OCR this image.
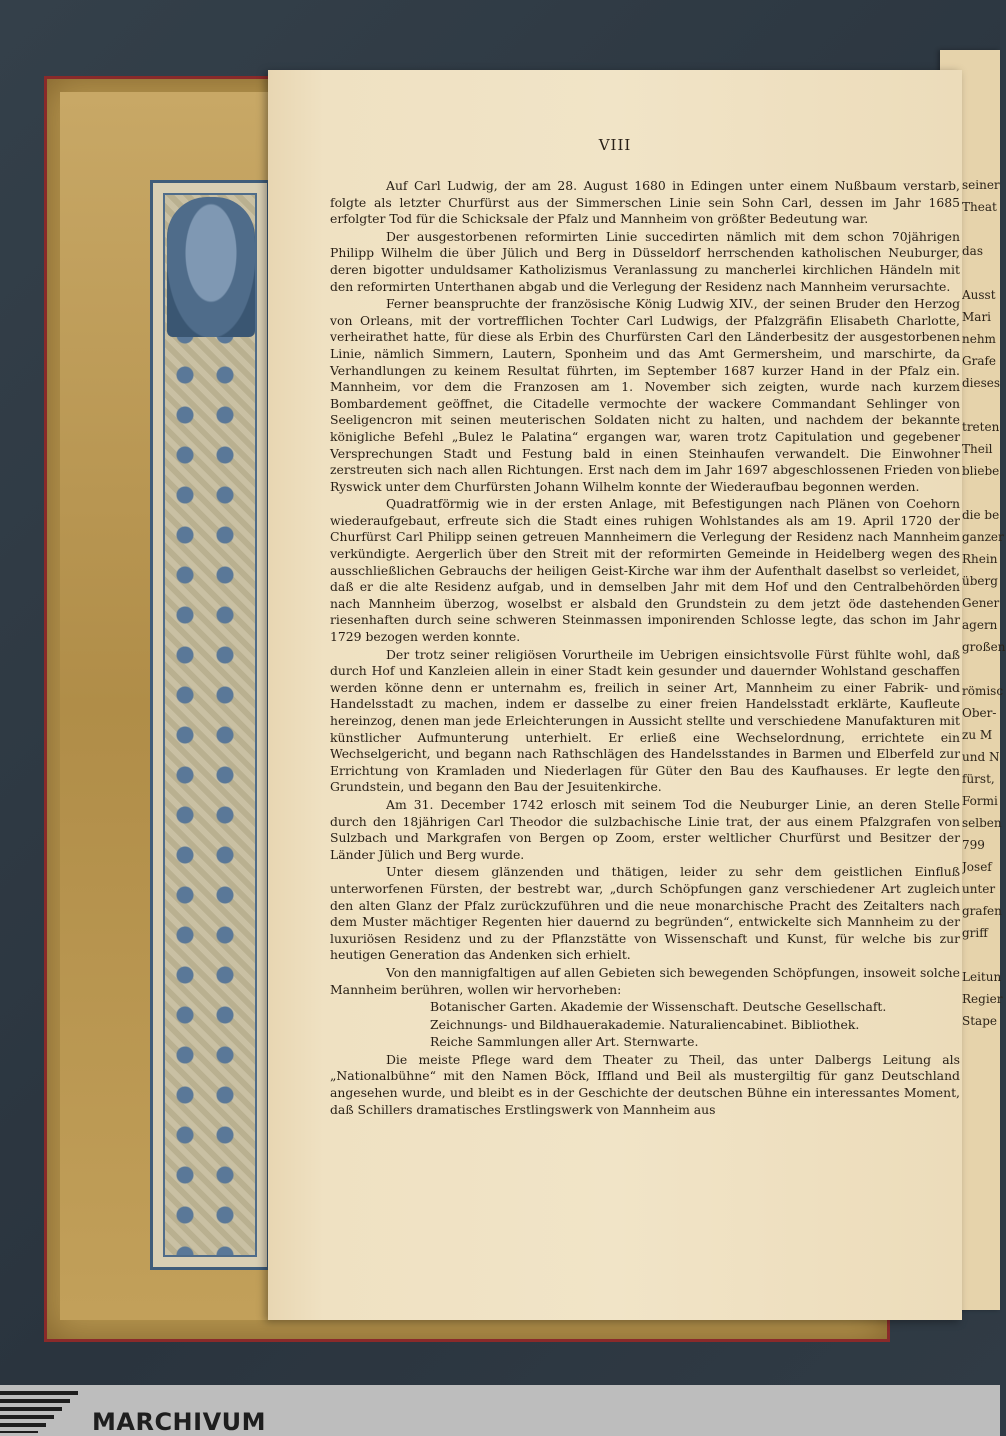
seiner
Theat

das

Ausst
Mari
nehm
Grafe
dieses

treten
Theil
bliebe

die be
ganzer
Rhein
überg
Gener
agern
großen

römisc
Ober-
zu M
und N
fürst,
Formi
selben
799
Josef
unter
grafen
griff

Leitun
Regier
Stape
VIII

Auf Carl Ludwig, der am 28. August 1680 in Edingen unter einem Nußbaum verstarb, folgte als letzter Churfürst aus der Simmerschen Linie sein Sohn Carl, dessen im Jahr 1685 erfolgter Tod für die Schicksale der Pfalz und Mannheim von größter Bedeutung war.

Der ausgestorbenen reformirten Linie succedirten nämlich mit dem schon 70jährigen Philipp Wilhelm die über Jülich und Berg in Düsseldorf herrschenden katholischen Neuburger, deren bigotter unduldsamer Katholizismus Veranlassung zu mancherlei kirchlichen Händeln mit den reformirten Unterthanen abgab und die Verlegung der Residenz nach Mannheim verursachte.

Ferner beanspruchte der französische König Ludwig XIV., der seinen Bruder den Herzog von Orleans, mit der vortrefflichen Tochter Carl Ludwigs, der Pfalzgräfin Elisabeth Charlotte, verheirathet hatte, für diese als Erbin des Churfürsten Carl den Länderbesitz der ausgestorbenen Linie, nämlich Simmern, Lautern, Sponheim und das Amt Germersheim, und marschirte, da Verhandlungen zu keinem Resultat führten, im September 1687 kurzer Hand in der Pfalz ein. Mannheim, vor dem die Franzosen am 1. November sich zeigten, wurde nach kurzem Bombardement geöffnet, die Citadelle vermochte der wackere Commandant Sehlinger von Seeligencron mit seinen meuterischen Soldaten nicht zu halten, und nachdem der bekannte königliche Befehl „Bulez le Palatina“ ergangen war, waren trotz Capitulation und gegebener Versprechungen Stadt und Festung bald in einen Steinhaufen verwandelt. Die Einwohner zerstreuten sich nach allen Richtungen. Erst nach dem im Jahr 1697 abgeschlossenen Frieden von Ryswick unter dem Churfürsten Johann Wilhelm konnte der Wiederaufbau begonnen werden.

Quadratförmig wie in der ersten Anlage, mit Befestigungen nach Plänen von Coehorn wiederaufgebaut, erfreute sich die Stadt eines ruhigen Wohlstandes als am 19. April 1720 der Churfürst Carl Philipp seinen getreuen Mannheimern die Verlegung der Residenz nach Mannheim verkündigte. Aergerlich über den Streit mit der reformirten Gemeinde in Heidelberg wegen des ausschließlichen Gebrauchs der heiligen Geist-Kirche war ihm der Aufenthalt daselbst so verleidet, daß er die alte Residenz aufgab, und in demselben Jahr mit dem Hof und den Centralbehörden nach Mannheim überzog, woselbst er alsbald den Grundstein zu dem jetzt öde dastehenden riesenhaften durch seine schweren Steinmassen imponirenden Schlosse legte, das schon im Jahr 1729 bezogen werden konnte.

Der trotz seiner religiösen Vorurtheile im Uebrigen einsichtsvolle Fürst fühlte wohl, daß durch Hof und Kanzleien allein in einer Stadt kein gesunder und dauernder Wohlstand geschaffen werden könne denn er unternahm es, freilich in seiner Art, Mannheim zu einer Fabrik- und Handelsstadt zu machen, indem er dasselbe zu einer freien Handelsstadt erklärte, Kaufleute hereinzog, denen man jede Erleichterungen in Aussicht stellte und verschiedene Manufakturen mit künstlicher Aufmunterung unterhielt. Er erließ eine Wechselordnung, errichtete ein Wechselgericht, und begann nach Rathschlägen des Handelsstandes in Barmen und Elberfeld zur Errichtung von Kramladen und Niederlagen für Güter den Bau des Kaufhauses. Er legte den Grundstein, und begann den Bau der Jesuitenkirche.

Am 31. December 1742 erlosch mit seinem Tod die Neuburger Linie, an deren Stelle durch den 18jährigen Carl Theodor die sulzbachische Linie trat, der aus einem Pfalzgrafen von Sulzbach und Markgrafen von Bergen op Zoom, erster weltlicher Churfürst und Besitzer der Länder Jülich und Berg wurde.

Unter diesem glänzenden und thätigen, leider zu sehr dem geistlichen Einfluß unterworfenen Fürsten, der bestrebt war, „durch Schöpfungen ganz verschiedener Art zugleich den alten Glanz der Pfalz zurückzuführen und die neue monarchische Pracht des Zeitalters nach dem Muster mächtiger Regenten hier dauernd zu begründen“, entwickelte sich Mannheim zu der luxuriösen Residenz und zu der Pflanzstätte von Wissenschaft und Kunst, für welche bis zur heutigen Generation das Andenken sich erhielt.

Von den mannigfaltigen auf allen Gebieten sich bewegenden Schöpfungen, insoweit solche Mannheim berühren, wollen wir hervorheben:

Botanischer Garten. Akademie der Wissenschaft. Deutsche Gesellschaft.

Zeichnungs- und Bildhauerakademie. Naturaliencabinet. Bibliothek.

Reiche Sammlungen aller Art. Sternwarte.

Die meiste Pflege ward dem Theater zu Theil, das unter Dalbergs Leitung als „Nationalbühne“ mit den Namen Böck, Iffland und Beil als mustergiltig für ganz Deutschland angesehen wurde, und bleibt es in der Geschichte der deutschen Bühne ein interessantes Moment, daß Schillers dramatisches Erstlingswerk von Mannheim aus

MARCHIVUM
